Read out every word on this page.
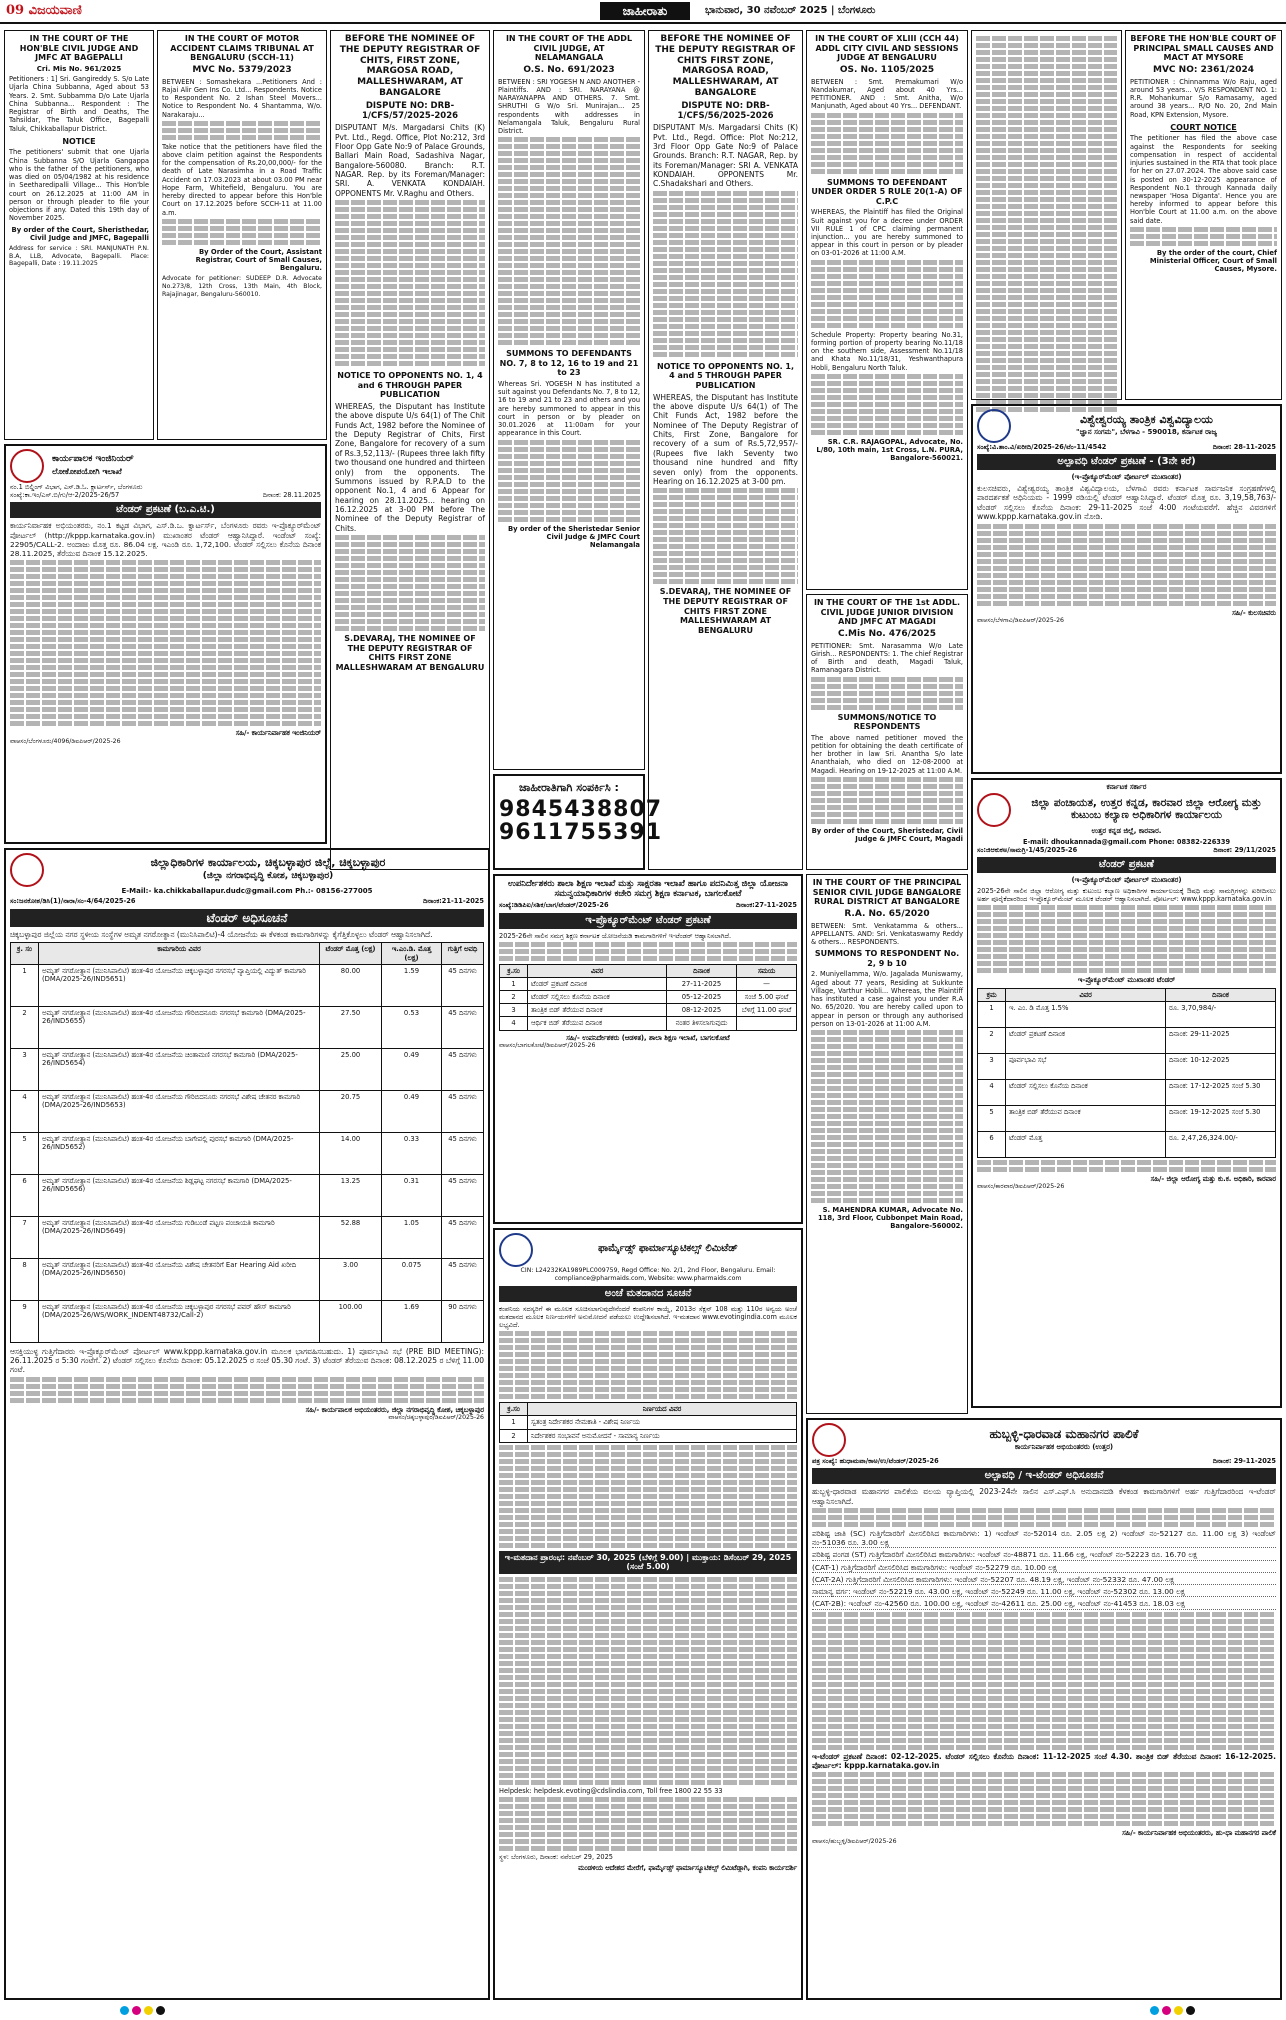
09 ವಿಜಯವಾಣಿ	ಜಾಹೀರಾತು	ಭಾನುವಾರ, 30 ನವೆಂಬರ್ 2025 | ಬೆಂಗಳೂರು
IN THE COURT OF THE HON'BLE CIVIL JUDGE AND JMFC AT BAGEPALLI
Cri. Mis No. 961/2025
Petitioners : 1] Sri. Gangireddy S. S/o Late Ujarla China Subbanna, Aged about 53 Years. 2. Smt. Subbamma D/o Late Ujarla China Subbanna... Respondent : The Registrar of Birth and Deaths, The Tahsildar, The Taluk Office, Bagepalli Taluk, Chikkaballapur District.
NOTICE
The petitioners' submit that one Ujarla China Subbanna S/O Ujarla Gangappa who is the father of the petitioners, who was died on 05/04/1982 at his residence in Seetharedipalli Village... This Hon'ble court on 26.12.2025 at 11:00 AM in person or through pleader to file your objections if any. Dated this 19th day of November 2025.
By order of the Court, Sheristhedar, Civil Judge and JMFC, Bagepalli
Address for service : SRI. MANJUNATH P.N. B.A, LLB, Advocate, Bagepalli. Place: Bagepalli, Date : 19.11.2025
IN THE COURT OF MOTOR ACCIDENT CLAIMS TRIBUNAL AT BENGALURU (SCCH-11)
MVC No. 5379/2023
BETWEEN : Somashekara ...Petitioners And : Rajai Alir Gen Ins Co. Ltd... Respondents. Notice to Respondent No. 2 Ishan Steel Movers... Notice to Respondent No. 4 Shantamma, W/o. Narakaraju...
Take notice that the petitioners have filed the above claim petition against the Respondents for the compensation of Rs.20,00,000/- for the death of Late Narasimha in a Road Traffic Accident on 17.03.2023 at about 03.00 PM near Hope Farm, Whitefield, Bengaluru. You are hereby directed to appear before this Hon'ble Court on 17.12.2025 before SCCH-11 at 11.00 a.m.
By Order of the Court, Assistant Registrar, Court of Small Causes, Bengaluru.
Advocate for petitioner: SUDEEP D.R. Advocate No.273/8, 12th Cross, 13th Main, 4th Block, Rajajinagar, Bengaluru-560010.
BEFORE THE NOMINEE OF THE DEPUTY REGISTRAR OF CHITS, FIRST ZONE, MARGOSA ROAD, MALLESHWARAM, AT BANGALORE
DISPUTE NO: DRB-1/CFS/57/2025-2026
DISPUTANT M/s. Margadarsi Chits (K) Pvt. Ltd., Regd. Office, Plot No:212, 3rd Floor Opp Gate No:9 of Palace Grounds, Ballari Main Road, Sadashiva Nagar, Bangalore-560080. Branch: R.T. NAGAR. Rep. by its Foreman/Manager: SRI. A. VENKATA KONDAIAH. OPPONENTS Mr. V.Raghu and Others.
NOTICE TO OPPONENTS NO. 1, 4 and 6 THROUGH PAPER PUBLICATION
WHEREAS, the Disputant has Institute the above dispute U/s 64(1) of The Chit Funds Act, 1982 before the Nominee of the Deputy Registrar of Chits, First Zone, Bangalore for recovery of a sum of Rs.3,52,113/- (Rupees three lakh fifty two thousand one hundred and thirteen only) from the opponents. The Summons issued by R.P.A.D to the opponent No.1, 4 and 6 Appear for hearing on 28.11.2025... hearing on 16.12.2025 at 3-00 PM before The Nominee of the Deputy Registrar of Chits.
S.DEVARAJ, THE NOMINEE OF THE DEPUTY REGISTRAR OF CHITS FIRST ZONE MALLESHWARAM AT BENGALURU
IN THE COURT OF THE ADDL CIVIL JUDGE, AT NELAMANGALA
O.S. No. 691/2023
BETWEEN : SRI YOGESH N AND ANOTHER - Plaintiffs. AND : SRI. NARAYANA @ NARAYANAPPA AND OTHERS. 7. Smt. SHRUTHI G W/o Sri. Munirajan... 25 respondents with addresses in Nelamangala Taluk, Bengaluru Rural District.
SUMMONS TO DEFENDANTS NO. 7, 8 to 12, 16 to 19 and 21 to 23
Whereas Sri. YOGESH N has instituted a suit against you Defendants No. 7, 8 to 12, 16 to 19 and 21 to 23 and others and you are hereby summoned to appear in this court in person or by pleader on 30.01.2026 at 11:00am for your appearance in this Court.
By order of the Sheristedar Senior Civil Judge & JMFC Court Nelamangala
BEFORE THE NOMINEE OF THE DEPUTY REGISTRAR OF CHITS FIRST ZONE, MARGOSA ROAD, MALLESHWARAM, AT BANGALORE
DISPUTE NO: DRB-1/CFS/56/2025-2026
DISPUTANT M/s. Margadarsi Chits (K) Pvt. Ltd., Regd. Office: Plot No:212, 3rd Floor Opp Gate No:9 of Palace Grounds. Branch: R.T. NAGAR, Rep. by its Foreman/Manager: SRI A. VENKATA KONDAIAH. OPPONENTS Mr. C.Shadakshari and Others.
NOTICE TO OPPONENTS NO. 1, 4 and 5 THROUGH PAPER PUBLICATION
WHEREAS, the Disputant has Institute the above dispute U/s 64(1) of The Chit Funds Act, 1982 before the Nominee of The Deputy Registrar of Chits, First Zone, Bangalore for recovery of a sum of Rs.5,72,957/- (Rupees five lakh Seventy two thousand nine hundred and fifty seven only) from the opponents. Hearing on 16.12.2025 at 3-00 pm.
S.DEVARAJ, THE NOMINEE OF THE DEPUTY REGISTRAR OF CHITS FIRST ZONE MALLESHWARAM AT BENGALURU
IN THE COURT OF XLIII (CCH 44) ADDL CITY CIVIL AND SESSIONS JUDGE AT BENGALURU
OS. No. 1105/2025
BETWEEN : Smt. Premakumari W/o Nandakumar, Aged about 40 Yrs... PETITIONER. AND : Smt. Anitha, W/o Manjunath, Aged about 40 Yrs... DEFENDANT.
SUMMONS TO DEFENDANT UNDER ORDER 5 RULE 20(1-A) OF C.P.C
WHEREAS, the Plaintiff has filed the Original Suit against you for a decree under ORDER VII RULE 1 of CPC claiming permanent injunction... you are hereby summoned to appear in this court in person or by pleader on 03-01-2026 at 11:00 A.M.
Schedule Property: Property bearing No.31, forming portion of property bearing No.11/18 on the southern side, Assessment No.11/18 and Khata No.11/18/31, Yeshwanthapura Hobli, Bengaluru North Taluk.
SR. C.R. RAJAGOPAL, Advocate, No. L/80, 10th main, 1st Cross, L.N. PURA, Bangalore-560021.
IN THE COURT OF THE 1st ADDL. CIVIL JUDGE JUNIOR DIVISION AND JMFC AT MAGADI
C.Mis No. 476/2025
PETITIONER: Smt. Narasamma W/o Late Girish... RESPONDENTS: 1. The chief Registrar of Birth and death, Magadi Taluk, Ramanagara District.
SUMMONS/NOTICE TO RESPONDENTS
The above named petitioner moved the petition for obtaining the death certificate of her brother in law Sri. Anantha S/o late Ananthaiah, who died on 12-08-2000 at Magadi. Hearing on 19-12-2025 at 11:00 A.M.
By order of the Court, Sheristedar, Civil Judge & JMFC Court, Magadi
BEFORE THE HON'BLE COURT OF PRINCIPAL SMALL CAUSES AND MACT AT MYSORE
MVC NO: 2361/2024
PETITIONER : Chinnamma W/o Raju, aged around 53 years... V/S RESPONDENT NO. 1: R.R. Mohankumar S/o Ramasamy, aged around 38 years... R/O No. 20, 2nd Main Road, KPN Extension, Mysore.
COURT NOTICE
The petitioner has filed the above case against the Respondents for seeking compensation in respect of accidental injuries sustained in the RTA that took place for her on 27.07.2024. The above said case is posted on 30-12-2025 appearance of Respondent No.1 through Kannada daily newspaper 'Hosa Diganta'. Hence you are hereby informed to appear before this Hon'ble Court at 11.00 a.m. on the above said date.
By the order of the court, Chief Ministerial Officer, Court of Small Causes, Mysore.
ಜಾಹೀರಾತಿಗಾಗಿ ಸಂಪರ್ಕಿಸಿ :
9845438807
9611755391
ಕಾರ್ಯಪಾಲಕ ಇಂಜಿನಿಯರ್
ಲೋಕೋಪಯೋಗಿ ಇಲಾಖೆ
ನಂ.1 ಬಿಲ್ಡಿಂಗ್ ವಿಭಾಗ, ಎಸ್.ಡಿ.ಓ. ಕ್ಲಾರ್ಟರ್ಸ್, ಬೆಂಗಳೂರು
ಸಂಖ್ಯೆ:ಕಾ.ಇಂ/ಎಸ್.ಬಿ/ಗು/ಆ-2/2025-26/57	ದಿನಾಂಕ: 28.11.2025
ಟೆಂಡರ್ ಪ್ರಕಟಣೆ (ಬ.ಎ.ಟಿ.)
ಕಾರ್ಯನಿರ್ವಾಹಕ ಅಭಿಯಂತರರು, ನಂ.1 ಕಟ್ಟಡ ವಿಭಾಗ, ಎಸ್.ಡಿ.ಒ. ಕ್ವಾರ್ಟರ್ಸ್, ಬೆಂಗಳೂರು ರವರು ಇ-ಪ್ರೊಕ್ಯೂರ್‌ಮೆಂಟ್ ಪೋರ್ಟಲ್ (http://kppp.karnataka.gov.in) ಮುಖಾಂತರ ಟೆಂಡರ್ ಆಹ್ವಾನಿಸಿದ್ದಾರೆ. ಇಂಡೆಂಟ್ ಸಂಖ್ಯೆ: 22905/CALL-2. ಅಂದಾಜು ಮೊತ್ತ ರೂ. 86.04 ಲಕ್ಷ. ಇಎಂಡಿ ರೂ. 1,72,100. ಟೆಂಡರ್ ಸಲ್ಲಿಸಲು ಕೊನೆಯ ದಿನಾಂಕ 28.11.2025, ತೆರೆಯುವ ದಿನಾಂಕ 15.12.2025.
ಸಹಿ/- ಕಾರ್ಯನಿರ್ವಾಹಕ ಇಂಜಿನಿಯರ್
ವಾಆಸಂ/ಬೆಂಗಳೂರು/4096/ಡಿಐಪಿಆರ್/2025-26
ಜಿಲ್ಲಾಧಿಕಾರಿಗಳ ಕಾರ್ಯಾಲಯ, ಚಿಕ್ಕಬಳ್ಳಾಪುರ ಜಿಲ್ಲೆ, ಚಿಕ್ಕಬಳ್ಳಾಪುರ
(ಜಿಲ್ಲಾ ನಗರಾಭಿವೃದ್ಧಿ ಕೋಶ, ಚಿಕ್ಕಬಳ್ಳಾಪುರ)
E-Mail:- ka.chikkaballapur.dudc@gmail.com Ph.:- 08156-277005
ಸಂ:ಜನಕೋಶ/ಡಿಸಿ(1)/ನಾರಾ/ಸಂ-4/64/2025-26	ದಿನಾಂಕ:21-11-2025
ಟೆಂಡರ್ ಅಧಿಸೂಚನೆ
ಚಿಕ್ಕಬಳ್ಳಾಪುರ ಜಿಲ್ಲೆಯ ನಗರ ಸ್ಥಳೀಯ ಸಂಸ್ಥೆಗಳ ಅಮೃತ ನಗರೋತ್ಥಾನ (ಮುನಿಸಿಪಾಲಿಟಿ)-4 ಯೋಜನೆಯ ಈ ಕೆಳಕಂಡ ಕಾಮಗಾರಿಗಳನ್ನು ಕೈಗೆತ್ತಿಕೊಳ್ಳಲು ಟೆಂಡರ್ ಆಹ್ವಾನಿಸಲಾಗಿದೆ.
ಕ್ರ. ಸಂ	ಕಾಮಗಾರಿಯ ವಿವರ	ಟೆಂಡರ್ ಮೊತ್ತ (ಲಕ್ಷ)	ಇ.ಎಂ.ಡಿ. ಮೊತ್ತ (ಲಕ್ಷ)	ಗುತ್ತಿಗೆ ಅವಧಿ
1	ಅಮೃತ್ ನಗರೋತ್ಥಾನ (ಮುನಿಸಿಪಾಲಿಟಿ) ಹಂತ-4ರ ಯೋಜನೆಯ ಚಿಕ್ಕಬಳ್ಳಾಪುರ ನಗರಸಭೆ ವ್ಯಾಪ್ತಿಯಲ್ಲಿ ವಿದ್ಯುತ್ ಕಾಮಗಾರಿ (DMA/2025-26/IND5651)	80.00	1.59	45 ದಿನಗಳು
2	ಅಮೃತ್ ನಗರೋತ್ಥಾನ (ಮುನಿಸಿಪಾಲಿಟಿ) ಹಂತ-4ರ ಯೋಜನೆಯ ಗೌರಿಬಿದನೂರು ನಗರಸಭೆ ಕಾಮಗಾರಿ (DMA/2025-26/IND5655)	27.50	0.53	45 ದಿನಗಳು
3	ಅಮೃತ್ ನಗರೋತ್ಥಾನ (ಮುನಿಸಿಪಾಲಿಟಿ) ಹಂತ-4ರ ಯೋಜನೆಯ ಚಿಂತಾಮಣಿ ನಗರಸಭೆ ಕಾಮಗಾರಿ (DMA/2025-26/IND5654)	25.00	0.49	45 ದಿನಗಳು
4	ಅಮೃತ್ ನಗರೋತ್ಥಾನ (ಮುನಿಸಿಪಾಲಿಟಿ) ಹಂತ-4ರ ಯೋಜನೆಯ ಗೌರಿಬಿದನೂರು ನಗರಸಭೆ ವಿಶೇಷ ಚೇತನರ ಕಾಮಗಾರಿ (DMA/2025-26/IND5653)	20.75	0.49	45 ದಿನಗಳು
5	ಅಮೃತ್ ನಗರೋತ್ಥಾನ (ಮುನಿಸಿಪಾಲಿಟಿ) ಹಂತ-4ರ ಯೋಜನೆಯ ಬಾಗೇಪಲ್ಲಿ ಪುರಸಭೆ ಕಾಮಗಾರಿ (DMA/2025-26/IND5652)	14.00	0.33	45 ದಿನಗಳು
6	ಅಮೃತ್ ನಗರೋತ್ಥಾನ (ಮುನಿಸಿಪಾಲಿಟಿ) ಹಂತ-4ರ ಯೋಜನೆಯ ಶಿಡ್ಲಘಟ್ಟ ನಗರಸಭೆ ಕಾಮಗಾರಿ (DMA/2025-26/IND5656)	13.25	0.31	45 ದಿನಗಳು
7	ಅಮೃತ್ ನಗರೋತ್ಥಾನ (ಮುನಿಸಿಪಾಲಿಟಿ) ಹಂತ-4ರ ಯೋಜನೆಯ ಗುಡಿಬಂಡೆ ಪಟ್ಟಣ ಪಂಚಾಯತಿ ಕಾಮಗಾರಿ (DMA/2025-26/IND5649)	52.88	1.05	45 ದಿನಗಳು
8	ಅಮೃತ್ ನಗರೋತ್ಥಾನ (ಮುನಿಸಿಪಾಲಿಟಿ) ಹಂತ-4ರ ಯೋಜನೆಯ ವಿಶೇಷ ಚೇತನರಿಗೆ Ear Hearing Aid ಖರೀದಿ (DMA/2025-26/IND5650)	3.00	0.075	45 ದಿನಗಳು
9	ಅಮೃತ್ ನಗರೋತ್ಥಾನ (ಮುನಿಸಿಪಾಲಿಟಿ) ಹಂತ-4ರ ಯೋಜನೆಯ ಚಿಕ್ಕಬಳ್ಳಾಪುರ ನಗರಸಭೆ ಪವರ್ ಹೌಸ್ ಕಾಮಗಾರಿ (DMA/2025-26/WS/WORK_INDENT48732/Call-2)	100.00	1.69	90 ದಿನಗಳು
ಆಸಕ್ತಿಯುಳ್ಳ ಗುತ್ತಿಗೆದಾರರು ಇ-ಪ್ರೊಕ್ಯೂರ್‌ಮೆಂಟ್ ಪೋರ್ಟಲ್ www.kppp.karnataka.gov.in ಮೂಲಕ ಭಾಗವಹಿಸಬಹುದು. 1) ಪೂರ್ವಭಾವಿ ಸಭೆ (PRE BID MEETING): 26.11.2025 ರ 5:30 ಗಂಟೆಗೆ. 2) ಟೆಂಡರ್ ಸಲ್ಲಿಸಲು ಕೊನೆಯ ದಿನಾಂಕ: 05.12.2025 ರ ಸಂಜೆ 05.30 ಗಂಟೆ. 3) ಟೆಂಡರ್ ತೆರೆಯುವ ದಿನಾಂಕ: 08.12.2025 ರ ಬೆಳಿಗ್ಗೆ 11.00 ಗಂಟೆ.
ಸಹಿ/- ಕಾರ್ಯಪಾಲಕ ಅಭಿಯಂತರರು, ಜಿಲ್ಲಾ ನಗರಾಭಿವೃದ್ಧಿ ಕೋಶ, ಚಿಕ್ಕಬಳ್ಳಾಪುರ
ವಾಆಸಂ/ಚಿಕ್ಕಬಳ್ಳಾಪುರ/ಡಿಐಪಿಆರ್/2025-26
ಉಪನಿರ್ದೇಶಕರು ಶಾಲಾ ಶಿಕ್ಷಣ ಇಲಾಖೆ ಮತ್ತು ಸಾಕ್ಷರತಾ ಇಲಾಖೆ ಹಾಗೂ ಪದನಿಮಿತ್ತ ಜಿಲ್ಲಾ ಯೋಜನಾ ಸಮನ್ವಯಾಧಿಕಾರಿಗಳ ಕಚೇರಿ ಸಮಗ್ರ ಶಿಕ್ಷಣ ಕರ್ನಾಟಕ, ಬಾಗಲಕೋಟೆ
ಸಂಖ್ಯೆ:ಡಿಡಿಪಿಐ/ಸಶಿಕ/ಬಾಗ/ಟೆಂಡರ್/2025-26	ದಿನಾಂಕ:27-11-2025
ಇ-ಪ್ರೊಕ್ಯೂರ್‌ಮೆಂಟ್ ಟೆಂಡರ್ ಪ್ರಕಟಣೆ
2025-26ನೇ ಸಾಲಿನ ಸಮಗ್ರ ಶಿಕ್ಷಣ ಕರ್ನಾಟಕ ಯೋಜನೆಯಡಿ ಕಾಮಗಾರಿಗಳಿಗೆ ಇ-ಟೆಂಡರ್ ಆಹ್ವಾನಿಸಲಾಗಿದೆ.
ಕ್ರ.ಸಂ	ವಿವರ	ದಿನಾಂಕ	ಸಮಯ
1	ಟೆಂಡರ್ ಪ್ರಕಟಣೆ ದಿನಾಂಕ	27-11-2025	—
2	ಟೆಂಡರ್ ಸಲ್ಲಿಸಲು ಕೊನೆಯ ದಿನಾಂಕ	05-12-2025	ಸಂಜೆ 5.00 ಘಂಟೆ
3	ತಾಂತ್ರಿಕ ಬಿಡ್ ತೆರೆಯುವ ದಿನಾಂಕ	08-12-2025	ಬೆಳಿಗ್ಗೆ 11.00 ಘಂಟೆ
4	ಆರ್ಥಿಕ ಬಿಡ್ ತೆರೆಯುವ ದಿನಾಂಕ	ನಂತರ ತಿಳಿಸಲಾಗುವುದು	
ಸಹಿ/- ಉಪನಿರ್ದೇಶಕರು (ಆಡಳಿತ), ಶಾಲಾ ಶಿಕ್ಷಣ ಇಲಾಖೆ, ಬಾಗಲಕೋಟೆ
ವಾಆಸಂ/ಬಾಗಲಕೋಟೆ/ಡಿಐಪಿಆರ್/2025-26
ಫಾರ್ಮೈಡ್ಸ್ ಫಾರ್ಮಾಸ್ಯೂಟಿಕಲ್ಸ್ ಲಿಮಿಟೆಡ್
CIN: L24232KA1989PLC009759, Regd Office: No. 2/1, 2nd Floor, Bengaluru. Email: compliance@pharmaids.com, Website: www.pharmaids.com
ಅಂಚೆ ಮತದಾನದ ಸೂಚನೆ
ಕಂಪನಿಯ ಸದಸ್ಯರಿಗೆ ಈ ಮೂಲಕ ಸೂಚಿಸಲಾಗುವುದೇನೆಂದರೆ ಕಂಪನಿಗಳ ಕಾಯ್ದೆ, 2013ರ ಸೆಕ್ಷನ್ 108 ಮತ್ತು 110ರ ಅನ್ವಯ ಅಂಚೆ ಮತದಾನದ ಮೂಲಕ ನಿರ್ಣಯಗಳಿಗೆ ಅನುಮೋದನೆ ಪಡೆಯಲು ಉದ್ದೇಶಿಸಲಾಗಿದೆ. ಇ-ಮತದಾನ www.evotingindia.com ಮೂಲಕ ಲಭ್ಯವಿದೆ.
ಕ್ರ.ಸಂ	ನಿರ್ಣಯದ ವಿವರ
1	ಸ್ವತಂತ್ರ ನಿರ್ದೇಶಕರ ನೇಮಕಾತಿ - ವಿಶೇಷ ನಿರ್ಣಯ
2	ನಿರ್ದೇಶಕರ ಸಂಭಾವನೆ ಅನುಮೋದನೆ - ಸಾಮಾನ್ಯ ನಿರ್ಣಯ
ಇ-ಮತದಾನ ಪ್ರಾರಂಭ: ನವೆಂಬರ್ 30, 2025 (ಬೆಳಿಗ್ಗೆ 9.00) | ಮುಕ್ತಾಯ: ಡಿಸೆಂಬರ್ 29, 2025 (ಸಂಜೆ 5.00)
Helpdesk: helpdesk.evoting@cdslindia.com, Toll free 1800 22 55 33
ಸ್ಥಳ: ಬೆಂಗಳೂರು, ದಿನಾಂಕ: ನವೆಂಬರ್ 29, 2025
ಮಂಡಳಿಯ ಆದೇಶದ ಮೇರೆಗೆ, ಫಾರ್ಮೈಡ್ಸ್ ಫಾರ್ಮಾಸ್ಯೂಟಿಕಲ್ಸ್ ಲಿಮಿಟೆಡ್ಗಾಗಿ, ಕಂಪನಿ ಕಾರ್ಯದರ್ಶಿ
IN THE COURT OF THE PRINCIPAL SENIOR CIVIL JUDGE BANGALORE RURAL DISTRICT AT BANGALORE
R.A. No. 65/2020
BETWEEN: Smt. Venkatamma & others... APPELLANTS. AND: Sri. Venkataswamy Reddy & others... RESPONDENTS.
SUMMONS TO RESPONDENT No. 2, 9 b 10
2. Muniyellamma, W/o. Jagalada Muniswamy, Aged about 77 years, Residing at Sukkunte Village, Varthur Hobli... Whereas, the Plaintiff has instituted a case against you under R.A No. 65/2020. You are hereby called upon to appear in person or through any authorised person on 13-01-2026 at 11:00 A.M.
S. MAHENDRA KUMAR, Advocate No. 118, 3rd Floor, Cubbonpet Main Road, Bangalore-560002.
ವಿಶ್ವೇಶ್ವರಯ್ಯ ತಾಂತ್ರಿಕ ವಿಶ್ವವಿದ್ಯಾಲಯ
"ಜ್ಞಾನ ಸಂಗಮ", ಬೆಳಗಾವಿ - 590018, ಕರ್ನಾಟಕ ರಾಜ್ಯ
ಸಂಖ್ಯೆ:ವಿ.ತಾಂ.ವಿ/ಖರೀದಿ/2025-26/ಟೆಂ-11/4542	ದಿನಾಂಕ: 28-11-2025
ಅಲ್ಪಾವಧಿ ಟೆಂಡರ್ ಪ್ರಕಟಣೆ - (3ನೇ ಕರೆ)
(ಇ-ಪ್ರೊಕ್ಯೂರ್‌ಮೆಂಟ್ ಪೋರ್ಟಲ್ ಮುಖಾಂತರ)
ಕುಲಸಚಿವರು, ವಿಶ್ವೇಶ್ವರಯ್ಯ ತಾಂತ್ರಿಕ ವಿಶ್ವವಿದ್ಯಾಲಯ, ಬೆಳಗಾವಿ ರವರು ಕರ್ನಾಟಕ ಸಾರ್ವಜನಿಕ ಸಂಗ್ರಹಣೆಗಳಲ್ಲಿ ಪಾರದರ್ಶಕತೆ ಅಧಿನಿಯಮ - 1999 ರಡಿಯಲ್ಲಿ ಟೆಂಡರ್ ಆಹ್ವಾನಿಸಿದ್ದಾರೆ. ಟೆಂಡರ್ ಮೊತ್ತ ರೂ. 3,19,58,763/- ಟೆಂಡರ್ ಸಲ್ಲಿಸಲು ಕೊನೆಯ ದಿನಾಂಕ: 29-11-2025 ಸಂಜೆ 4:00 ಗಂಟೆಯವರೆಗೆ. ಹೆಚ್ಚಿನ ವಿವರಗಳಿಗೆ www.kppp.karnataka.gov.in ನೋಡಿ.
ಸಹಿ/- ಕುಲಸಚಿವರು
ವಾಆಸಂ/ಬೆಳಗಾವಿ/ಡಿಐಪಿಆರ್/2025-26
ಕರ್ನಾಟಕ ಸರ್ಕಾರ
ಜಿಲ್ಲಾ ಪಂಚಾಯತ, ಉತ್ತರ ಕನ್ನಡ, ಕಾರವಾರ ಜಿಲ್ಲಾ ಆರೋಗ್ಯ ಮತ್ತು ಕುಟುಂಬ ಕಲ್ಯಾಣ ಅಧಿಕಾರಿಗಳ ಕಾರ್ಯಾಲಯ
ಉತ್ತರ ಕನ್ನಡ ಜಿಲ್ಲೆ, ಕಾರವಾರ.
E-mail: dhoukannada@gmail.com Phone: 08382-226339
ಸಂ:ಜಿಆಕುಕಅ/ಸಾಮಗ್ರಿ-1/45/2025-26	ದಿನಾಂಕ: 29/11/2025
ಟೆಂಡರ್ ಪ್ರಕಟಣೆ
(ಇ-ಪ್ರೊಕ್ಯೂರ್‌ಮೆಂಟ್ ಪೋರ್ಟಲ್ ಮುಖಾಂತರ)
2025-26ನೇ ಸಾಲಿನ ಜಿಲ್ಲಾ ಆರೋಗ್ಯ ಮತ್ತು ಕುಟುಂಬ ಕಲ್ಯಾಣ ಅಧಿಕಾರಿಗಳ ಕಾರ್ಯಾಲಯಕ್ಕೆ ಔಷಧಿ ಮತ್ತು ಸಾಮಗ್ರಿಗಳನ್ನು ಖರೀದಿಸಲು ಅರ್ಹ ಪೂರೈಕೆದಾರರಿಂದ ಇ-ಪ್ರೊಕ್ಯೂರ್‌ಮೆಂಟ್ ಮೂಲಕ ಟೆಂಡರ್ ಆಹ್ವಾನಿಸಲಾಗಿದೆ. ಪೋರ್ಟಲ್: www.kppp.karnataka.gov.in
ಇ-ಪ್ರೊಕ್ಯೂರ್‌ಮೆಂಟ್ ಮುಖಾಂತರ ಟೆಂಡರ್
ಕ್ರಮ	ವಿವರ	ದಿನಾಂಕ
1	ಇ. ಎಂ. ಡಿ ಮೊತ್ತ 1.5%	ರೂ. 3,70,984/-
2	ಟೆಂಡರ್ ಪ್ರಕಟಣೆ ದಿನಾಂಕ	ದಿನಾಂಕ: 29-11-2025
3	ಪೂರ್ವಭಾವಿ ಸಭೆ	ದಿನಾಂಕ: 10-12-2025
4	ಟೆಂಡರ್ ಸಲ್ಲಿಸಲು ಕೊನೆಯ ದಿನಾಂಕ	ದಿನಾಂಕ: 17-12-2025 ಸಂಜೆ 5.30
5	ತಾಂತ್ರಿಕ ಬಿಡ್ ತೆರೆಯುವ ದಿನಾಂಕ	ದಿನಾಂಕ: 19-12-2025 ಸಂಜೆ 5.30
6	ಟೆಂಡರ್ ಮೊತ್ತ	ರೂ. 2,47,26,324.00/-
ಸಹಿ/- ಜಿಲ್ಲಾ ಆರೋಗ್ಯ ಮತ್ತು ಕು.ಕ. ಅಧಿಕಾರಿ, ಕಾರವಾರ
ವಾಆಸಂ/ಕಾರವಾರ/ಡಿಐಪಿಆರ್/2025-26
ಹುಬ್ಬಳ್ಳಿ-ಧಾರವಾಡ ಮಹಾನಗರ ಪಾಲಿಕೆ
ಕಾರ್ಯನಿರ್ವಾಹಕ ಅಭಿಯಂತರರು (ಉತ್ತರ)
ಪತ್ರ ಸಂಖ್ಯೆ: ಹುಧಾಮಪಾ/ಕಾಅ/ಉ/ಟೆಂಡರ್/2025-26	ದಿನಾಂಕ: 29-11-2025
ಅಲ್ಪಾವಧಿ / ಇ-ಟೆಂಡರ್ ಅಧಿಸೂಚನೆ
ಹುಬ್ಬಳ್ಳಿ-ಧಾರವಾಡ ಮಹಾನಗರ ಪಾಲಿಕೆಯ ವಲಯ ವ್ಯಾಪ್ತಿಯಲ್ಲಿ 2023-24ನೇ ಸಾಲಿನ ಎಸ್.ಎಫ್.ಸಿ ಅನುದಾನದಡಿ ಕೆಳಕಂಡ ಕಾಮಗಾರಿಗಳಿಗೆ ಅರ್ಹ ಗುತ್ತಿಗೆದಾರರಿಂದ ಇ-ಟೆಂಡರ್ ಆಹ್ವಾನಿಸಲಾಗಿದೆ.
ಪರಿಶಿಷ್ಟ ಜಾತಿ (SC) ಗುತ್ತಿಗೆದಾರರಿಗೆ ಮೀಸಲಿರಿಸಿದ ಕಾಮಗಾರಿಗಳು: 1) ಇಂಡೆಂಟ್ ನಂ-52014 ರೂ. 2.05 ಲಕ್ಷ 2) ಇಂಡೆಂಟ್ ನಂ-52127 ರೂ. 11.00 ಲಕ್ಷ 3) ಇಂಡೆಂಟ್ ನಂ-51036 ರೂ. 3.00 ಲಕ್ಷ
ಪರಿಶಿಷ್ಟ ಪಂಗಡ (ST) ಗುತ್ತಿಗೆದಾರರಿಗೆ ಮೀಸಲಿರಿಸಿದ ಕಾಮಗಾರಿಗಳು: ಇಂಡೆಂಟ್ ನಂ-48871 ರೂ. 11.66 ಲಕ್ಷ, ಇಂಡೆಂಟ್ ನಂ-52223 ರೂ. 16.70 ಲಕ್ಷ
(CAT-1) ಗುತ್ತಿಗೆದಾರರಿಗೆ ಮೀಸಲಿರಿಸಿದ ಕಾಮಗಾರಿಗಳು: ಇಂಡೆಂಟ್ ನಂ-52279 ರೂ. 10.00 ಲಕ್ಷ
(CAT-2A) ಗುತ್ತಿಗೆದಾರರಿಗೆ ಮೀಸಲಿರಿಸಿದ ಕಾಮಗಾರಿಗಳು: ಇಂಡೆಂಟ್ ನಂ-52207 ರೂ. 48.19 ಲಕ್ಷ, ಇಂಡೆಂಟ್ ನಂ-52332 ರೂ. 47.00 ಲಕ್ಷ
ಸಾಮಾನ್ಯ ವರ್ಗ: ಇಂಡೆಂಟ್ ನಂ-52219 ರೂ. 43.00 ಲಕ್ಷ, ಇಂಡೆಂಟ್ ನಂ-52249 ರೂ. 11.00 ಲಕ್ಷ, ಇಂಡೆಂಟ್ ನಂ-52302 ರೂ. 13.00 ಲಕ್ಷ
(CAT-2B): ಇಂಡೆಂಟ್ ನಂ-42560 ರೂ. 100.00 ಲಕ್ಷ, ಇಂಡೆಂಟ್ ನಂ-42611 ರೂ. 25.00 ಲಕ್ಷ, ಇಂಡೆಂಟ್ ನಂ-41453 ರೂ. 18.03 ಲಕ್ಷ
ಇ-ಟೆಂಡರ್ ಪ್ರಕಟಣೆ ದಿನಾಂಕ: 02-12-2025. ಟೆಂಡರ್ ಸಲ್ಲಿಸಲು ಕೊನೆಯ ದಿನಾಂಕ: 11-12-2025 ಸಂಜೆ 4.30. ತಾಂತ್ರಿಕ ಬಿಡ್ ತೆರೆಯುವ ದಿನಾಂಕ: 16-12-2025. ಪೋರ್ಟಲ್: kppp.karnataka.gov.in
ಸಹಿ/- ಕಾರ್ಯನಿರ್ವಾಹಕ ಅಭಿಯಂತರರು, ಹು-ಧಾ ಮಹಾನಗರ ಪಾಲಿಕೆ
ವಾಆಸಂ/ಹುಬ್ಬಳ್ಳಿ/ಡಿಐಪಿಆರ್/2025-26
